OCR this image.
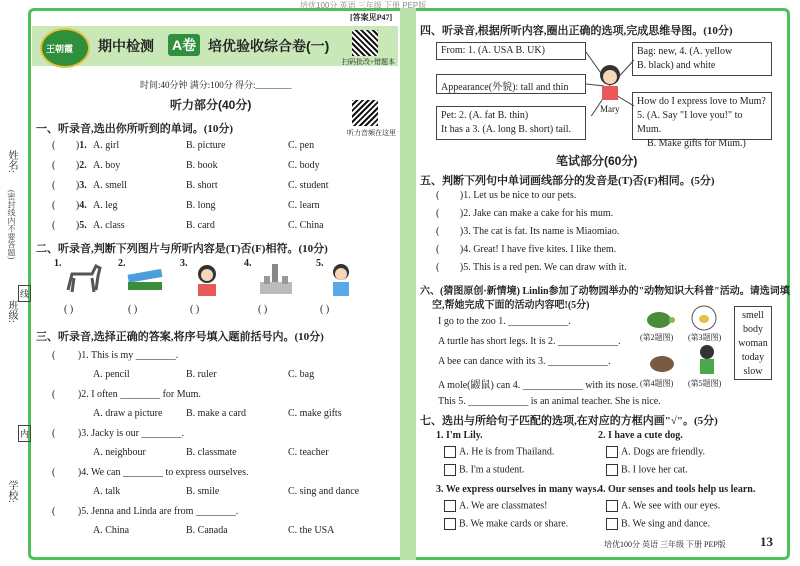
培优100分 英语 三年级 下册 PEP版
姓名:
(密封线内不要答题)
班级:
学校:
线
内
王朝霞
[答案见P47]
期中检测 A卷 培优验收综合卷(一)
扫码批改+错题本
时间:40分钟 满分:100分 得分:________
听力部分(40分)
听力音频在这里
一、听录音,选出你所听到的单词。(10分)
( )1. A. girl	B. picture	C. pen
( )2. A. boy	B. book	C. body
( )3. A. smell	B. short	C. student
( )4. A. leg	B. long	C. learn
( )5. A. class	B. card	C. China
二、听录音,判断下列图片与所听内容是(T)否(F)相符。(10分)
1.	2.	3.	4.	5.
( )	( )	( )	( )	( )
三、听录音,选择正确的答案,将序号填入题前括号内。(10分)
( )1. This is my ________.
A. pencil	B. ruler	C. bag
( )2. I often ________ for Mum.
A. draw a picture B. make a card	C. make gifts
( )3. Jacky is our ________.
A. neighbour	B. classmate	C. teacher
( )4. We can ________ to express ourselves.
A. talk	B. smile	C. sing and dance
( )5. Jenna and Linda are from ________.
A. China	B. Canada	C. the USA
四、听录音,根据所听内容,圈出正确的选项,完成思维导图。(10分)
From: 1. (A. USA B. UK)
Appearance(外貌): tall and thin
Pet: 2. (A. fat B. thin)
It has a 3. (A. long B. short) tail.
Bag: new, 4. (A. yellow
B. black) and white
How do I express love to Mum?
5. (A. Say "I love you!" to Mum.
B. Make gifts for Mum.)
Mary
笔试部分(60分)
五、判断下列句中单词画线部分的发音是(T)否(F)相同。(5分)
( )1. Let us be nice to our pets.
( )2. Jake can make a cake for his mum.
( )3. The cat is fat. Its name is Miaomiao.
( )4. Great! I have five kites. I like them.
( )5. This is a red pen. We can draw with it.
六、(猜图原创·新情境) Linlin参加了动物园举办的"动物知识大科普"活动。请选词填
空,帮她完成下面的活动内容吧!(5分)
I go to the zoo 1. ____________.
A turtle has short legs. It is 2. ____________.
A bee can dance with its 3. ____________.
A mole(鼹鼠) can 4. ____________ with its nose.
This 5. ____________ is an animal teacher. She is nice.
(第2题图) (第3题图)
(第4题图) (第5题图)
smell
body
woman
today
slow
七、选出与所给句子匹配的选项,在对应的方框内画"√"。(5分)
1. I'm Lily.
A. He is from Thailand.
B. I'm a student.
2. I have a cute dog.
A. Dogs are friendly.
B. I love her cat.
3. We express ourselves in many ways.
A. We are classmates!
B. We make cards or share.
4. Our senses and tools help us learn.
A. We see with our eyes.
B. We sing and dance.
培优100分 英语 三年级 下册 PEP版	13
